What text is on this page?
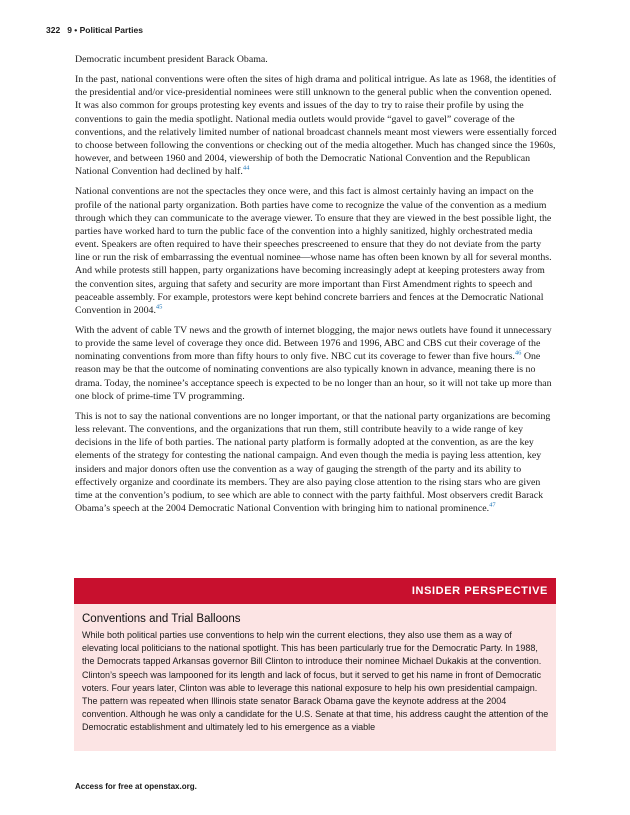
322 9 • Political Parties

Democratic incumbent president Barack Obama.

In the past, national conventions were often the sites of high drama and political intrigue. As late as 1968, the identities of the presidential and/or vice-presidential nominees were still unknown to the general public when the convention opened. It was also common for groups protesting key events and issues of the day to try to raise their profile by using the conventions to gain the media spotlight. National media outlets would provide “gavel to gavel” coverage of the conventions, and the relatively limited number of national broadcast channels meant most viewers were essentially forced to choose between following the conventions or checking out of the media altogether. Much has changed since the 1960s, however, and between 1960 and 2004, viewership of both the Democratic National Convention and the Republican National Convention had declined by half.$^{44}$

National conventions are not the spectacles they once were, and this fact is almost certainly having an impact on the profile of the national party organization. Both parties have come to recognize the value of the convention as a medium through which they can communicate to the average viewer. To ensure that they are viewed in the best possible light, the parties have worked hard to turn the public face of the convention into a highly sanitized, highly orchestrated media event. Speakers are often required to have their speeches prescreened to ensure that they do not deviate from the party line or run the risk of embarrassing the eventual nominee—whose name has often been known by all for several months. And while protests still happen, party organizations have becoming increasingly adept at keeping protesters away from the convention sites, arguing that safety and security are more important than First Amendment rights to speech and peaceable assembly. For example, protestors were kept behind concrete barriers and fences at the Democratic National Convention in 2004.45

With the advent of cable TV news and the growth of internet blogging, the major news outlets have found it unnecessary to provide the same level of coverage they once did. Between 1976 and 1996, ABC and CBS cut their coverage of the nominating conventions from more than fifty hours to only five. NBC cut its coverage to fewer than five hours.$^{46}$ One reason may be that the outcome of nominating conventions are also typically known in advance, meaning there is no drama. Today, the nominee’s acceptance speech is expected to be no longer than an hour, so it will not take up more than one block of prime-time TV programming.

This is not to say the national conventions are no longer important, or that the national party organizations are becoming less relevant. The conventions, and the organizations that run them, still contribute heavily to a wide range of key decisions in the life of both parties. The national party platform is formally adopted at the convention, as are the key elements of the strategy for contesting the national campaign. And even though the media is paying less attention, key insiders and major donors often use the convention as a way of gauging the strength of the party and its ability to effectively organize and coordinate its members. They are also paying close attention to the rising stars who are given time at the convention’s podium, to see which are able to connect with the party faithful. Most observers credit Barack Obama’s speech at the 2004 Democratic National Convention with bringing him to national prominence.$^{47}$

INSIDER PERSPECTIVE
Conventions and Trial Balloons
While both political parties use conventions to help win the current elections, they also use them as a way of elevating local politicians to the national spotlight. This has been particularly true for the Democratic Party. In 1988, the Democrats tapped Arkansas governor Bill Clinton to introduce their nominee Michael Dukakis at the convention. Clinton’s speech was lampooned for its length and lack of focus, but it served to get his name in front of Democratic voters. Four years later, Clinton was able to leverage this national exposure to help his own presidential campaign. The pattern was repeated when Illinois state senator Barack Obama gave the keynote address at the 2004 convention. Although he was only a candidate for the U.S. Senate at that time, his address caught the attention of the Democratic establishment and ultimately led to his emergence as a viable
Access for free at openstax.org.
